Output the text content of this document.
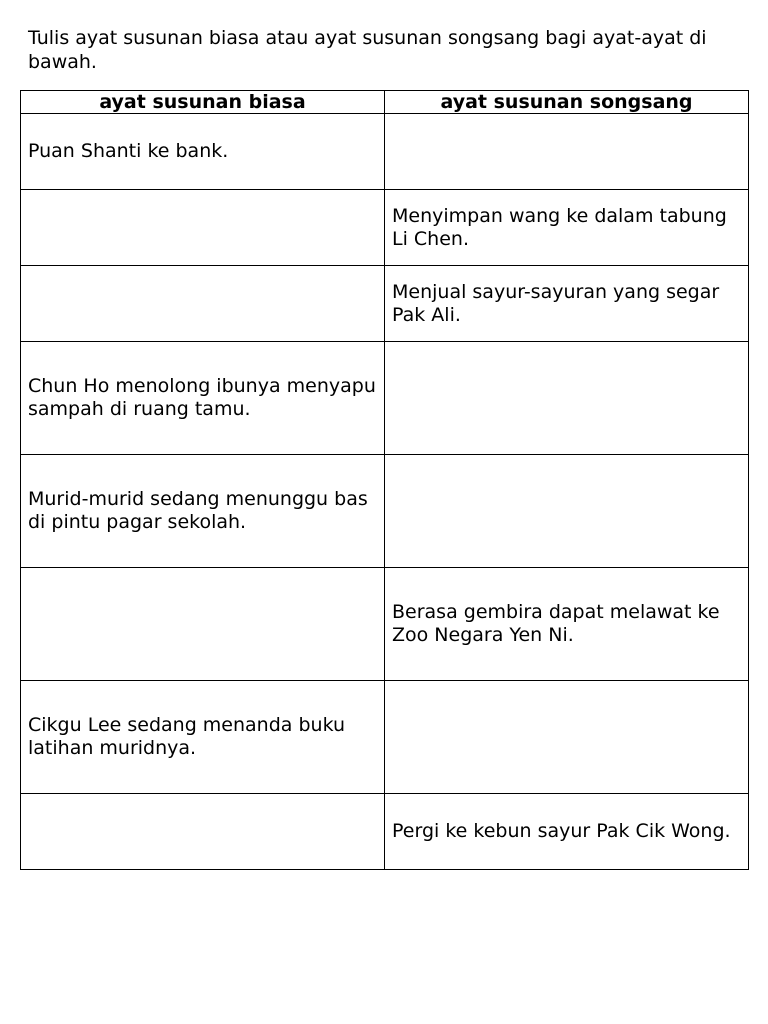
Tulis ayat susunan biasa atau ayat susunan songsang bagi ayat-ayat di bawah.

ayat susunan biasa	ayat susunan songsang
Puan Shanti ke bank.	
	Menyimpan wang ke dalam tabung Li Chen.
	Menjual sayur-sayuran yang segar Pak Ali.
Chun Ho menolong ibunya menyapu sampah di ruang tamu.	
Murid-murid sedang menunggu bas di pintu pagar sekolah.	
	Berasa gembira dapat melawat ke Zoo Negara Yen Ni.
Cikgu Lee sedang menanda buku latihan muridnya.	
	Pergi ke kebun sayur Pak Cik Wong.
